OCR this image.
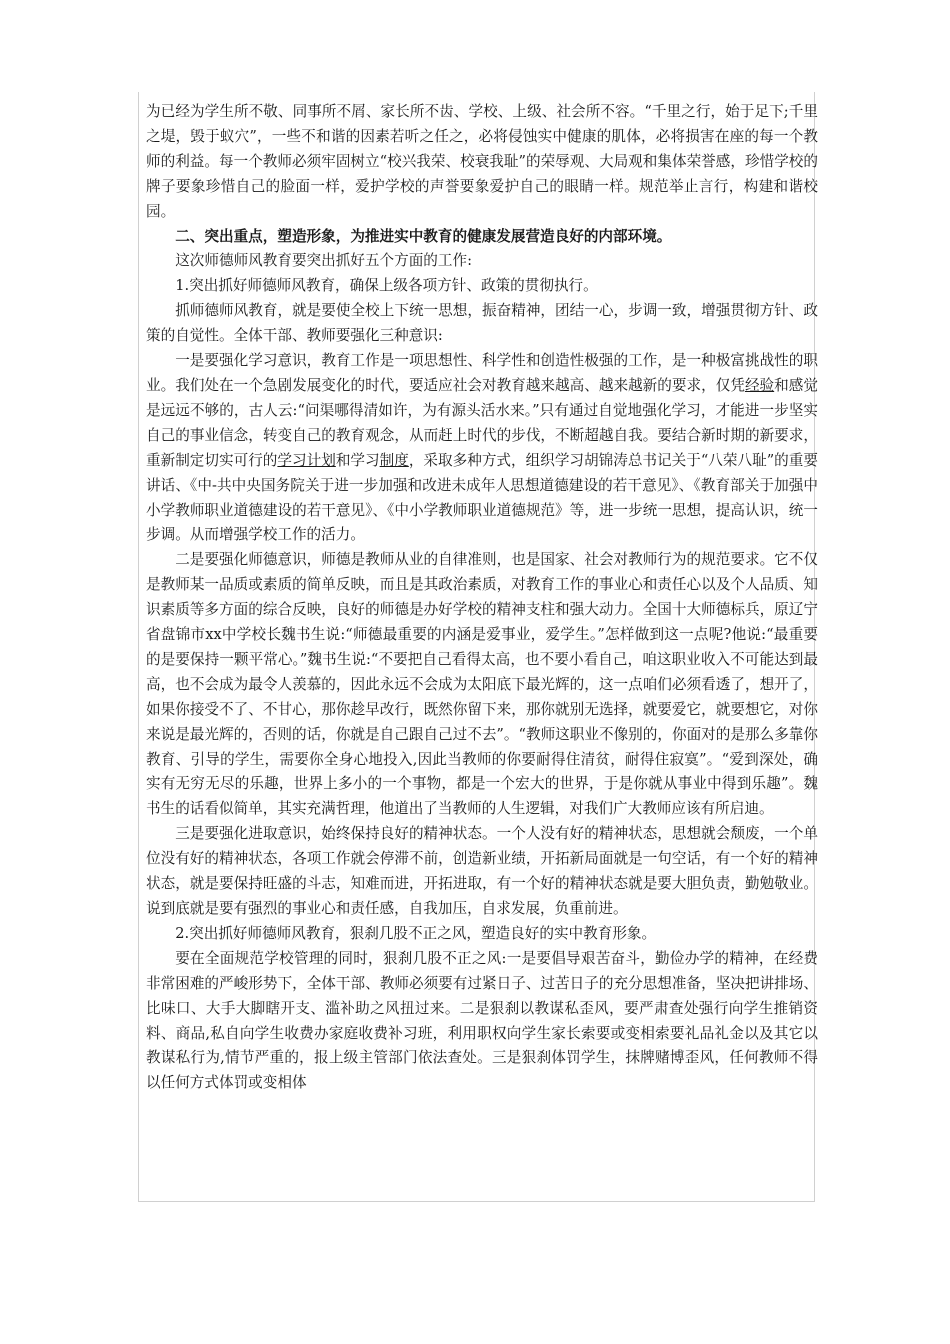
为已经为学生所不敬、同事所不屑、家长所不齿、学校、上级、社会所不容。“千里之行，始于足下;千里之堤，毁于蚁穴”，一些不和谐的因素若听之任之，必将侵蚀实中健康的肌体，必将损害在座的每一个教师的利益。每一个教师必须牢固树立“校兴我荣、校衰我耻”的荣辱观、大局观和集体荣誉感，珍惜学校的牌子要象珍惜自己的脸面一样，爱护学校的声誉要象爱护自己的眼睛一样。规范举止言行，构建和谐校园。

二、突出重点，塑造形象，为推进实中教育的健康发展营造良好的内部环境。

这次师德师风教育要突出抓好五个方面的工作:

1.突出抓好师德师风教育，确保上级各项方针、政策的贯彻执行。

抓师德师风教育，就是要使全校上下统一思想，振奋精神，团结一心，步调一致，增强贯彻方针、政策的自觉性。全体干部、教师要强化三种意识:

一是要强化学习意识，教育工作是一项思想性、科学性和创造性极强的工作，是一种极富挑战性的职业。我们处在一个急剧发展变化的时代，要适应社会对教育越来越高、越来越新的要求，仅凭经验和感觉是远远不够的，古人云:“问渠哪得清如许，为有源头活水来。”只有通过自觉地强化学习，才能进一步坚实自己的事业信念，转变自己的教育观念，从而赶上时代的步伐，不断超越自我。要结合新时期的新要求，重新制定切实可行的学习计划和学习制度，采取多种方式，组织学习胡锦涛总书记关于“八荣八耻”的重要讲话、《中-共中央国务院关于进一步加强和改进未成年人思想道德建设的若干意见》、《教育部关于加强中小学教师职业道德建设的若干意见》、《中小学教师职业道德规范》等，进一步统一思想，提高认识，统一步调。从而增强学校工作的活力。

二是要强化师德意识，师德是教师从业的自律准则，也是国家、社会对教师行为的规范要求。它不仅是教师某一品质或素质的简单反映，而且是其政治素质，对教育工作的事业心和责任心以及个人品质、知识素质等多方面的综合反映，良好的师德是办好学校的精神支柱和强大动力。全国十大师德标兵，原辽宁省盘锦市xx中学校长魏书生说:“师德最重要的内涵是爱事业，爱学生。”怎样做到这一点呢?他说:“最重要的是要保持一颗平常心。”魏书生说:“不要把自己看得太高，也不要小看自己，咱这职业收入不可能达到最高，也不会成为最令人羡慕的，因此永远不会成为太阳底下最光辉的，这一点咱们必须看透了，想开了，如果你接受不了、不甘心，那你趁早改行，既然你留下来，那你就别无选择，就要爱它，就要想它，对你来说是最光辉的，否则的话，你就是自己跟自己过不去”。“教师这职业不像别的，你面对的是那么多靠你教育、引导的学生，需要你全身心地投入,因此当教师的你要耐得住清贫，耐得住寂寞”。“爱到深处，确实有无穷无尽的乐趣，世界上多小的一个事物，都是一个宏大的世界，于是你就从事业中得到乐趣”。魏书生的话看似简单，其实充满哲理，他道出了当教师的人生逻辑，对我们广大教师应该有所启迪。

三是要强化进取意识，始终保持良好的精神状态。一个人没有好的精神状态，思想就会颓废，一个单位没有好的精神状态，各项工作就会停滞不前，创造新业绩，开拓新局面就是一句空话，有一个好的精神状态，就是要保持旺盛的斗志，知难而进，开拓进取，有一个好的精神状态就是要大胆负责，勤勉敬业。说到底就是要有强烈的事业心和责任感，自我加压，自求发展，负重前进。

2.突出抓好师德师风教育，狠刹几股不正之风，塑造良好的实中教育形象。

要在全面规范学校管理的同时，狠刹几股不正之风:一是要倡导艰苦奋斗，勤俭办学的精神，在经费非常困难的严峻形势下，全体干部、教师必须要有过紧日子、过苦日子的充分思想准备，坚决把讲排场、比味口、大手大脚瞎开支、滥补助之风扭过来。二是狠刹以教谋私歪风，要严肃查处强行向学生推销资料、商品,私自向学生收费办家庭收费补习班，利用职权向学生家长索要或变相索要礼品礼金以及其它以教谋私行为,情节严重的，报上级主管部门依法查处。三是狠刹体罚学生，抹牌赌博歪风，任何教师不得以任何方式体罚或变相体
